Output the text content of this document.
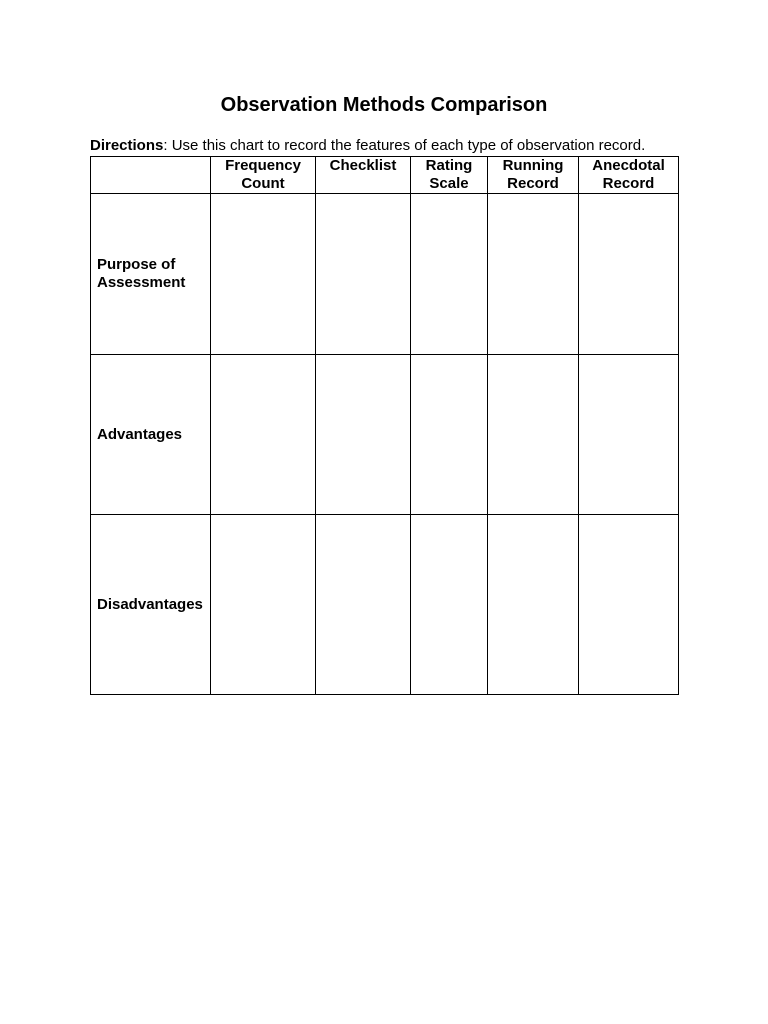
Observation Methods Comparison
Directions: Use this chart to record the features of each type of observation record.
	Frequency Count	Checklist	Rating Scale	Running Record	Anecdotal Record
Purpose of Assessment					
Advantages					
Disadvantages					
